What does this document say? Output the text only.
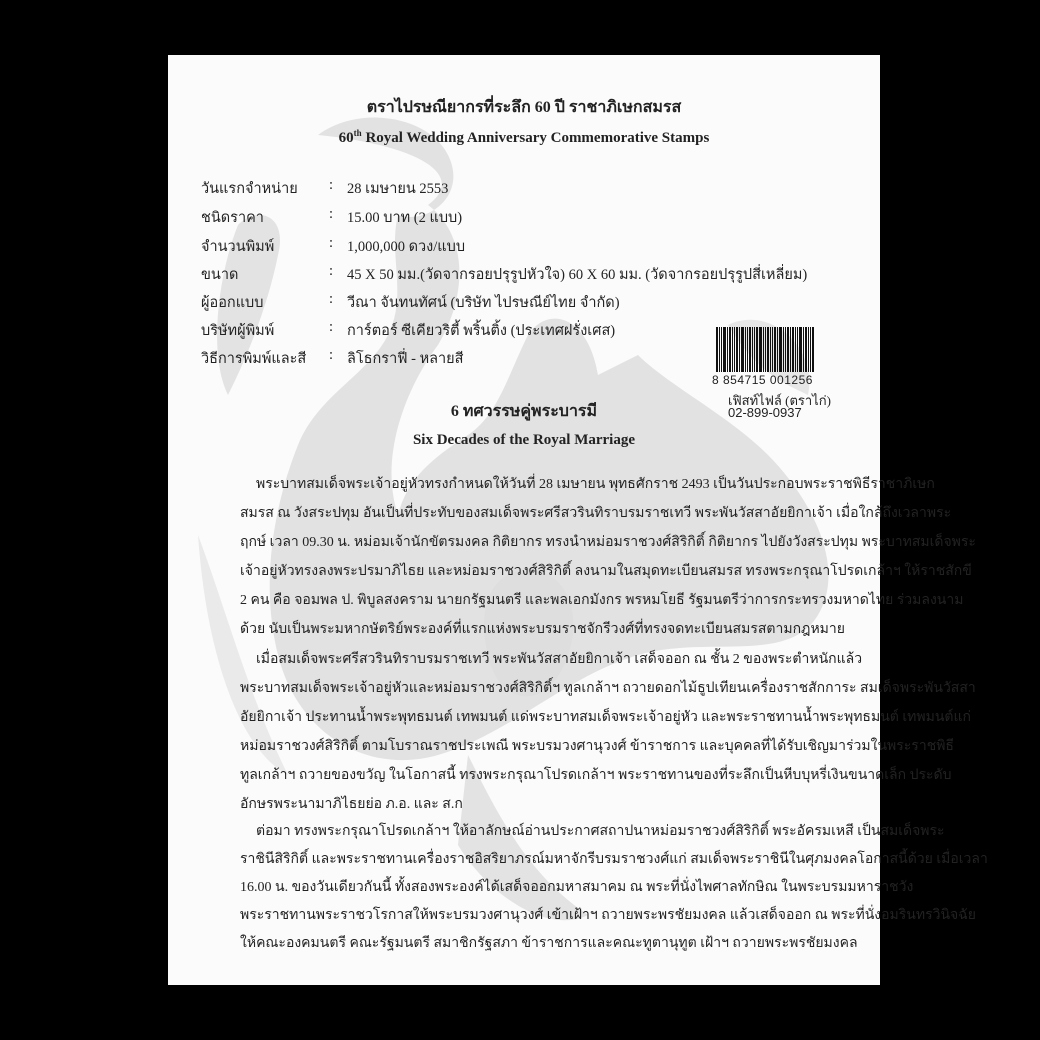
ตราไปรษณียากรที่ระลึก 60 ปี ราชาภิเษกสมรส
60th Royal Wedding Anniversary Commemorative Stamps
วันแรกจำหน่าย : 28 เมษายน 2553
ชนิดราคา	: 15.00 บาท (2 แบบ)
จำนวนพิมพ์	: 1,000,000 ดวง/แบบ
ขนาด	: 45 X 50 มม.(วัดจากรอยปรุรูปหัวใจ) 60 X 60 มม. (วัดจากรอยปรุรูปสี่เหลี่ยม)
ผู้ออกแบบ	: วีณา จันทนทัศน์ (บริษัท ไปรษณีย์ไทย จำกัด)
บริษัทผู้พิมพ์	: การ์ตอร์ ซีเคียวริตี้ พริ้นติ้ง (ประเทศฝรั่งเศส)
วิธีการพิมพ์และสี : ลิโธกราฟี่ - หลายสี
8 854715 001256
เฟิสท์ไฟล์ (ตราไก่)
02-899-0937
6 ทศวรรษคู่พระบารมี
Six Decades of the Royal Marriage
พระบาทสมเด็จพระเจ้าอยู่หัวทรงกำหนดให้วันที่ 28 เมษายน พุทธศักราช 2493 เป็นวันประกอบพระราชพิธีราชาภิเษก
สมรส ณ วังสระปทุม อันเป็นที่ประทับของสมเด็จพระศรีสวรินทิราบรมราชเทวี พระพันวัสสาอัยยิกาเจ้า เมื่อใกล้ถึงเวลาพระ
ฤกษ์ เวลา 09.30 น. หม่อมเจ้านักขัตรมงคล กิติยากร ทรงนำหม่อมราชวงศ์สิริกิติ์ กิติยากร ไปยังวังสระปทุม พระบาทสมเด็จพระ
เจ้าอยู่หัวทรงลงพระปรมาภิไธย และหม่อมราชวงศ์สิริกิติ์ ลงนามในสมุดทะเบียนสมรส ทรงพระกรุณาโปรดเกล้าฯ ให้ราชสักขี
2 คน คือ จอมพล ป. พิบูลสงคราม นายกรัฐมนตรี และพลเอกมังกร พรหมโยธี รัฐมนตรีว่าการกระทรวงมหาดไทย ร่วมลงนาม
ด้วย นับเป็นพระมหากษัตริย์พระองค์ที่แรกแห่งพระบรมราชจักรีวงศ์ที่ทรงจดทะเบียนสมรสตามกฎหมาย
เมื่อสมเด็จพระศรีสวรินทิราบรมราชเทวี พระพันวัสสาอัยยิกาเจ้า เสด็จออก ณ ชั้น 2 ของพระตำหนักแล้ว
พระบาทสมเด็จพระเจ้าอยู่หัวและหม่อมราชวงศ์สิริกิติ์ฯ ทูลเกล้าฯ ถวายดอกไม้ธูปเทียนเครื่องราชสักการะ สมเด็จพระพันวัสสา
อัยยิกาเจ้า ประทานน้ำพระพุทธมนต์ เทพมนต์ แด่พระบาทสมเด็จพระเจ้าอยู่หัว และพระราชทานน้ำพระพุทธมนต์ เทพมนต์แก่
หม่อมราชวงศ์สิริกิติ์ ตามโบราณราชประเพณี พระบรมวงศานุวงศ์ ข้าราชการ และบุคคลที่ได้รับเชิญมาร่วมในพระราชพิธี
ทูลเกล้าฯ ถวายของขวัญ ในโอกาสนี้ ทรงพระกรุณาโปรดเกล้าฯ พระราชทานของที่ระลึกเป็นหีบบุหรี่เงินขนาดเล็ก ประดับ
อักษรพระนามาภิไธยย่อ ภ.อ. และ ส.ก
ต่อมา ทรงพระกรุณาโปรดเกล้าฯ ให้อาลักษณ์อ่านประกาศสถาปนาหม่อมราชวงศ์สิริกิติ์ พระอัครมเหสี เป็นสมเด็จพระ
ราชินีสิริกิติ์ และพระราชทานเครื่องราชอิสริยาภรณ์มหาจักรีบรมราชวงศ์แก่ สมเด็จพระราชินีในศุภมงคลโอกาสนี้ด้วย เมื่อเวลา
16.00 น. ของวันเดียวกันนี้ ทั้งสองพระองค์ได้เสด็จออกมหาสมาคม ณ พระที่นั่งไพศาลทักษิณ ในพระบรมมหาราชวัง
พระราชทานพระราชวโรกาสให้พระบรมวงศานุวงศ์ เข้าเฝ้าฯ ถวายพระพรชัยมงคล แล้วเสด็จออก ณ พระที่นั่งอมรินทรวินิจฉัย
ให้คณะองคมนตรี คณะรัฐมนตรี สมาชิกรัฐสภา ข้าราชการและคณะทูตานุทูต เฝ้าฯ ถวายพระพรชัยมงคล
